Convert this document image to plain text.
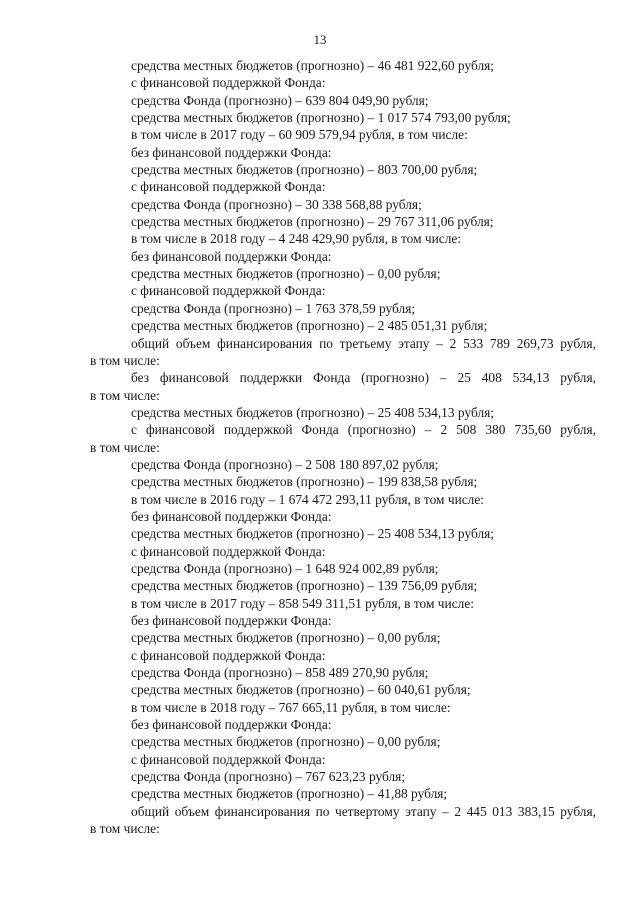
13
средства местных бюджетов (прогнозно) – 46 481 922,60 рубля;
с финансовой поддержкой Фонда:
средства Фонда (прогнозно) – 639 804 049,90 рубля;
средства местных бюджетов (прогнозно) – 1 017 574 793,00 рубля;
в том числе в 2017 году – 60 909 579,94 рубля, в том числе:
без финансовой поддержки Фонда:
средства местных бюджетов (прогнозно) – 803 700,00 рубля;
с финансовой поддержкой Фонда:
средства Фонда (прогнозно) – 30 338 568,88 рубля;
средства местных бюджетов (прогнозно) – 29 767 311,06 рубля;
в том числе в 2018 году – 4 248 429,90 рубля, в том числе:
без финансовой поддержки Фонда:
средства местных бюджетов (прогнозно) – 0,00 рубля;
с финансовой поддержкой Фонда:
средства Фонда (прогнозно) – 1 763 378,59 рубля;
средства местных бюджетов (прогнозно) – 2 485 051,31 рубля;
общий объем финансирования по третьему этапу – 2 533 789 269,73 рубля,
в том числе:
без финансовой поддержки Фонда (прогнозно) – 25 408 534,13 рубля,
в том числе:
средства местных бюджетов (прогнозно) – 25 408 534,13 рубля;
с финансовой поддержкой Фонда (прогнозно) – 2 508 380 735,60 рубля,
в том числе:
средства Фонда (прогнозно) – 2 508 180 897,02 рубля;
средства местных бюджетов (прогнозно) – 199 838,58 рубля;
в том числе в 2016 году – 1 674 472 293,11 рубля, в том числе:
без финансовой поддержки Фонда:
средства местных бюджетов (прогнозно) – 25 408 534,13 рубля;
с финансовой поддержкой Фонда:
средства Фонда (прогнозно) – 1 648 924 002,89 рубля;
средства местных бюджетов (прогнозно) – 139 756,09 рубля;
в том числе в 2017 году – 858 549 311,51 рубля, в том числе:
без финансовой поддержки Фонда:
средства местных бюджетов (прогнозно) – 0,00 рубля;
с финансовой поддержкой Фонда:
средства Фонда (прогнозно) – 858 489 270,90 рубля;
средства местных бюджетов (прогнозно) – 60 040,61 рубля;
в том числе в 2018 году – 767 665,11 рубля, в том числе:
без финансовой поддержки Фонда:
средства местных бюджетов (прогнозно) – 0,00 рубля;
с финансовой поддержкой Фонда:
средства Фонда (прогнозно) – 767 623,23 рубля;
средства местных бюджетов (прогнозно) – 41,88 рубля;
общий объем финансирования по четвертому этапу – 2 445 013 383,15 рубля,
в том числе:
